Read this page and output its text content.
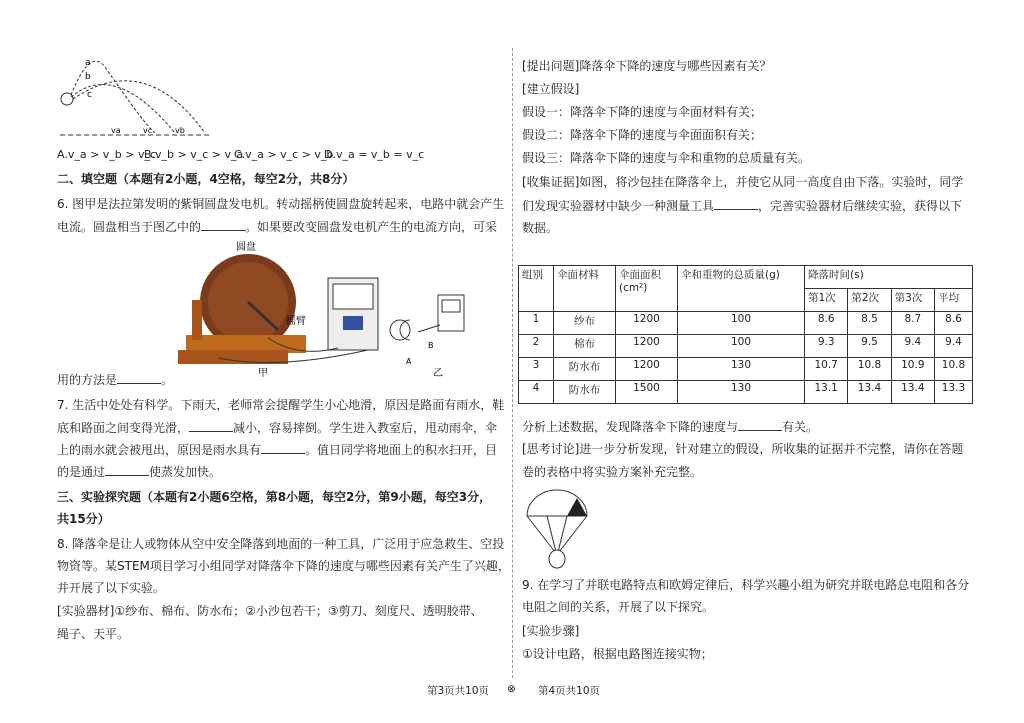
a
b
c
va	vc	vb
A.v_a > v_b > v_c
B.v_b > v_c > v_a
C.v_a > v_c > v_b
D.v_a = v_b = v_c
二、填空题（本题有2小题，4空格，每空2分，共8分）
6. 图甲是法拉第发明的紫铜圆盘发电机。转动摇柄使圆盘旋转起来，电路中就会产生
电流。圆盘相当于图乙中的	。如果要改变圆盘发电机产生的电流方向，可采
圆盘
摇臂
甲
A
B
乙
用的方法是	。
7. 生活中处处有科学。下雨天，老师常会提醒学生小心地滑，原因是路面有雨水，鞋
底和路面之间变得光滑，	减小，容易摔倒。学生进入教室后，甩动雨伞，伞
上的雨水就会被甩出，原因是雨水具有	。值日同学将地面上的积水扫开，目
的是通过	使蒸发加快。
三、实验探究题（本题有2小题6空格，第8小题，每空2分，第9小题，每空3分，
共15分）
8. 降落伞是让人或物体从空中安全降落到地面的一种工具，广泛用于应急救生、空投
物资等。某STEM项目学习小组同学对降落伞下降的速度与哪些因素有关产生了兴趣，
并开展了以下实验。
[实验器材]①纱布、棉布、防水布；②小沙包若干；③剪刀、刻度尺、透明胶带、
绳子、天平。
[提出问题]降落伞下降的速度与哪些因素有关？
[建立假设]
假设一：降落伞下降的速度与伞面材料有关；
假设二：降落伞下降的速度与伞面面积有关；
假设三：降落伞下降的速度与伞和重物的总质量有关。
[收集证据]如图，将沙包挂在降落伞上，并使它从同一高度自由下落。实验时，同学
们发现实验器材中缺少一种测量工具	，完善实验器材后继续实验，获得以下
数据。
组别	伞面材料	伞面面积
(cm²)	伞和重物的总质量(g)	降落时间(s)			
				第1次	第2次	第3次	平均
1	纱布	1200	100	8.6	8.5	8.7	8.6
2	棉布	1200	100	9.3	9.5	9.4	9.4
3	防水布	1200	130	10.7	10.8	10.9	10.8
4	防水布	1500	130	13.1	13.4	13.4	13.3
分析上述数据，发现降落伞下降的速度与	有关。
[思考讨论]进一步分析发现，针对建立的假设，所收集的证据并不完整，请你在答题
卷的表格中将实验方案补充完整。
9. 在学习了并联电路特点和欧姆定律后，科学兴趣小组为研究并联电路总电阻和各分
电阻之间的关系，开展了以下探究。
[实验步骤]
①设计电路，根据电路图连接实物；
第3页共10页 ⊗ 第4页共10页
